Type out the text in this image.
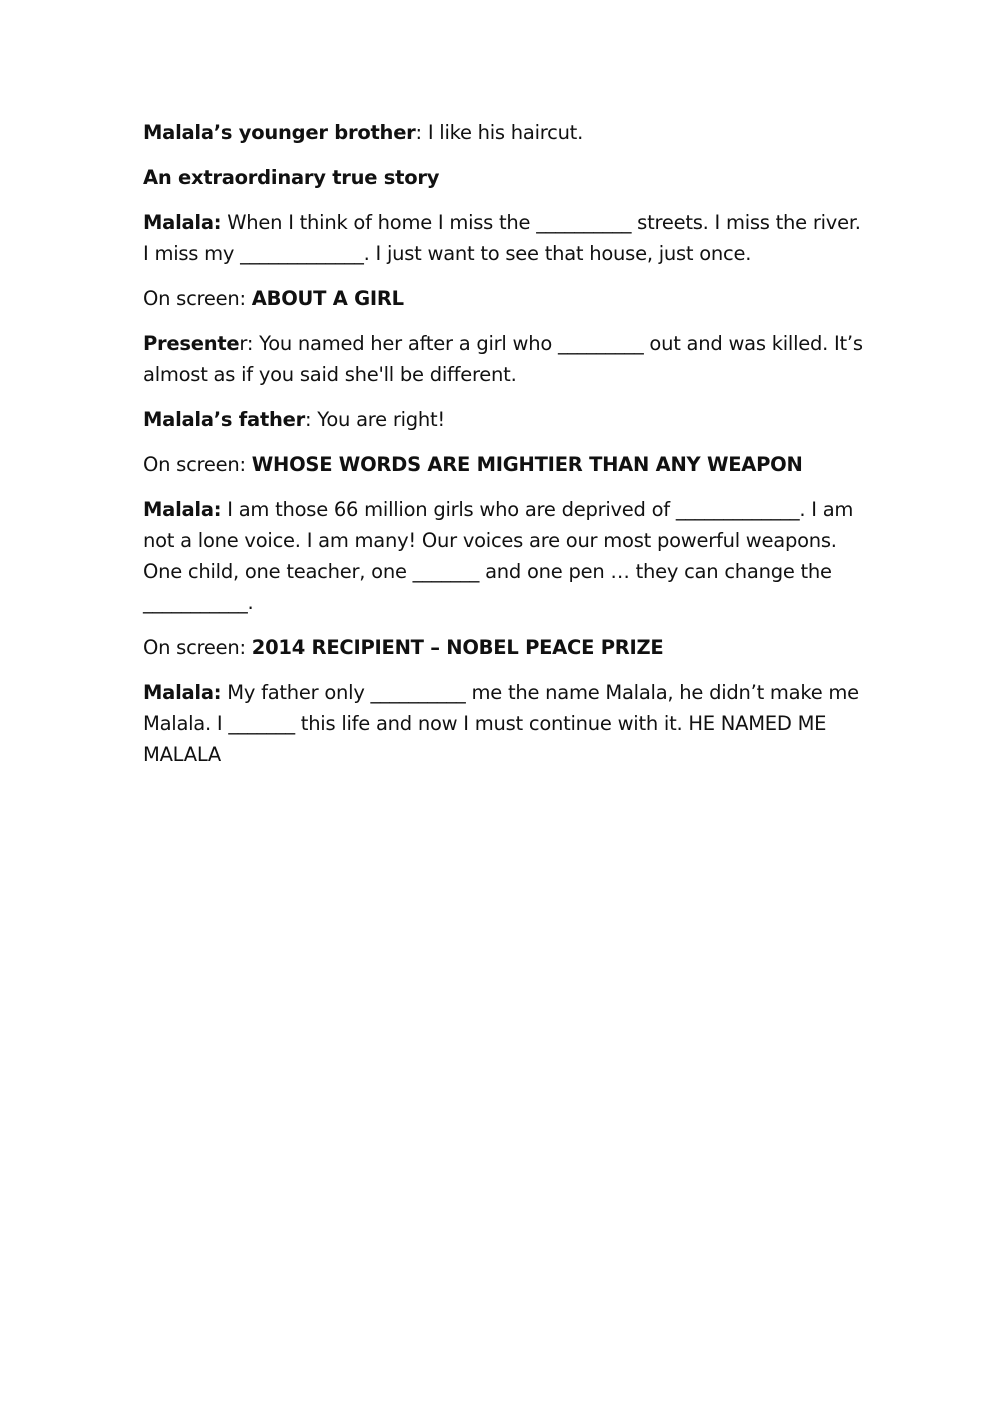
Malala’s younger brother: I like his haircut.

An extraordinary true story

Malala: When I think of home I miss the __________ streets. I miss the river. I miss my _____________. I just want to see that house, just once.

On screen: ABOUT A GIRL

Presenter: You named her after a girl who _________ out and was killed. It’s almost as if you said she'll be different.

Malala’s father: You are right!

On screen: WHOSE WORDS ARE MIGHTIER THAN ANY WEAPON

Malala: I am those 66 million girls who are deprived of _____________. I am not a lone voice. I am many! Our voices are our most powerful weapons. One child, one teacher, one _______ and one pen … they can change the ___________.

On screen: 2014 RECIPIENT – NOBEL PEACE PRIZE

Malala: My father only __________ me the name Malala, he didn’t make me Malala. I _______ this life and now I must continue with it. HE NAMED ME MALALA
